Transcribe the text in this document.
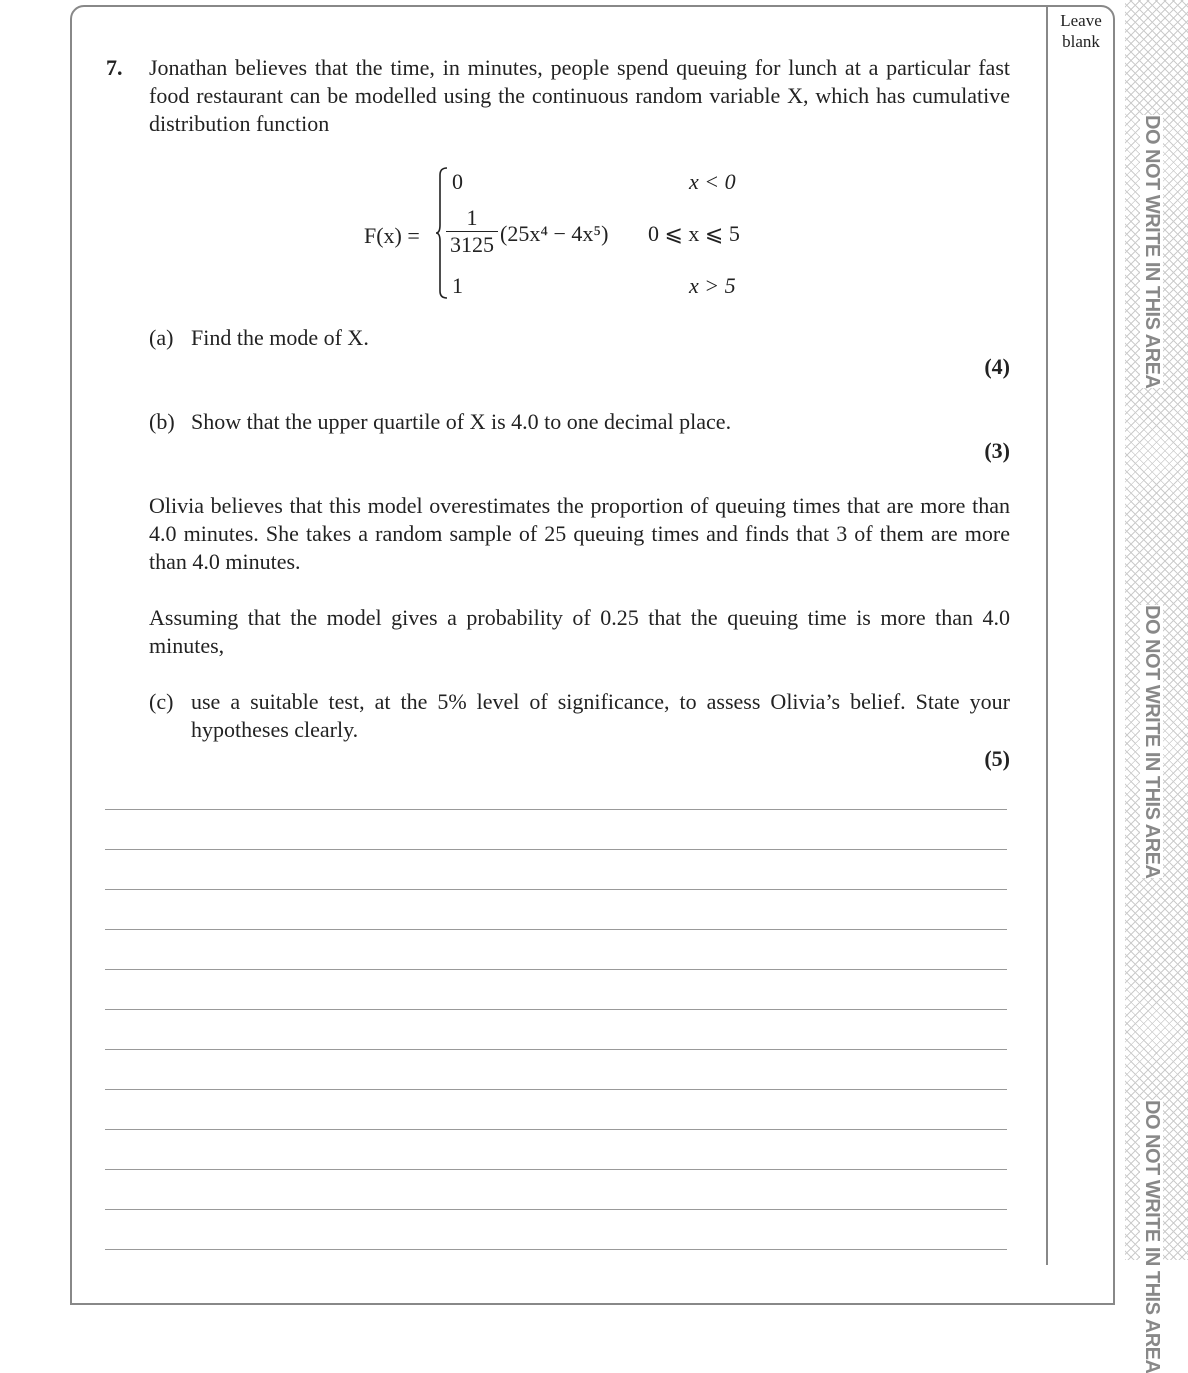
Leave
blank
DO NOT WRITE IN THIS AREA
DO NOT WRITE IN THIS AREA
DO NOT WRITE IN THIS AREA
7. Jonathan believes that the time, in minutes, people spend queuing for lunch at a particular fast food restaurant can be modelled using the continuous random variable X, which has cumulative distribution function
F(x) =
0	x < 0
$\frac{1}{3125} (25x^4 - 4x^5)$ 0 ⩽ x ⩽ 5
1	x > 5
(a) Find the mode of X.
(4)
(b) Show that the upper quartile of X is 4.0 to one decimal place.
(3)
Olivia believes that this model overestimates the proportion of queuing times that are more than 4.0 minutes. She takes a random sample of 25 queuing times and finds that 3 of them are more than 4.0 minutes.
Assuming that the model gives a probability of 0.25 that the queuing time is more than 4.0 minutes,
(c) use a suitable test, at the 5% level of significance, to assess Olivia’s belief. State your hypotheses clearly.
(5)
